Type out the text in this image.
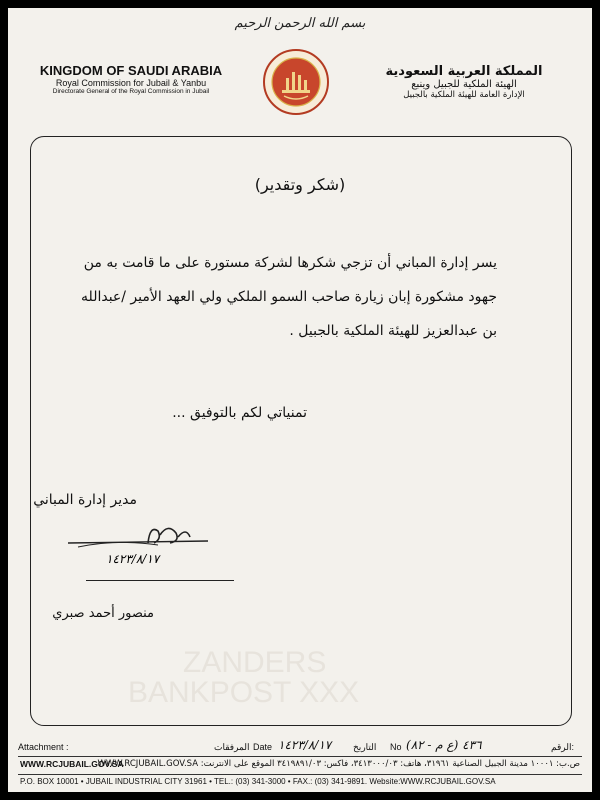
بسم الله الرحمن الرحيم
KINGDOM OF SAUDI ARABIA
Royal Commission for Jubail & Yanbu
Directorate General of the Royal Commission in Jubail
المملكة العربية السعودية
الهيئة الملكية للجبيل وينبع
الإدارة العامة للهيئة الملكية بالجبيل
ZANDERS
BANKPOST XXX
(شكر وتقدير)
يسر إدارة المباني أن تزجي شكرها لشركة مستورة على ما قامت به من جهود مشكورة إبان زيارة صاحب السمو الملكي ولي العهد الأمير /عبدالله بن عبدالعزيز للهيئة الملكية بالجبيل .
تمنياتي لكم بالتوفيق ...
مدير إدارة المباني
١٤٢٣/٨/١٧
منصور أحمد صبري
Attachment :	المرفقات Date ١٤٢٣/٨/١٧ التاريخ No ٤٣٦ (ع م - ٨٢)	الرقم:
WWW.RCJUBAIL.GOV.SA
ص.ب: ١٠٠٠١ مدينة الجبيل الصناعية ٣١٩٦١، هاتف: ٣٤١٣٠٠٠/٠٣، فاكس: ٣٤١٩٨٩١/٠٣ الموقع على الانترنت: WWW.RCJUBAIL.GOV.SA
P.O. BOX 10001 • JUBAIL INDUSTRIAL CITY 31961 • TEL.: (03) 341-3000 • FAX.: (03) 341-9891. Website:WWW.RCJUBAIL.GOV.SA
